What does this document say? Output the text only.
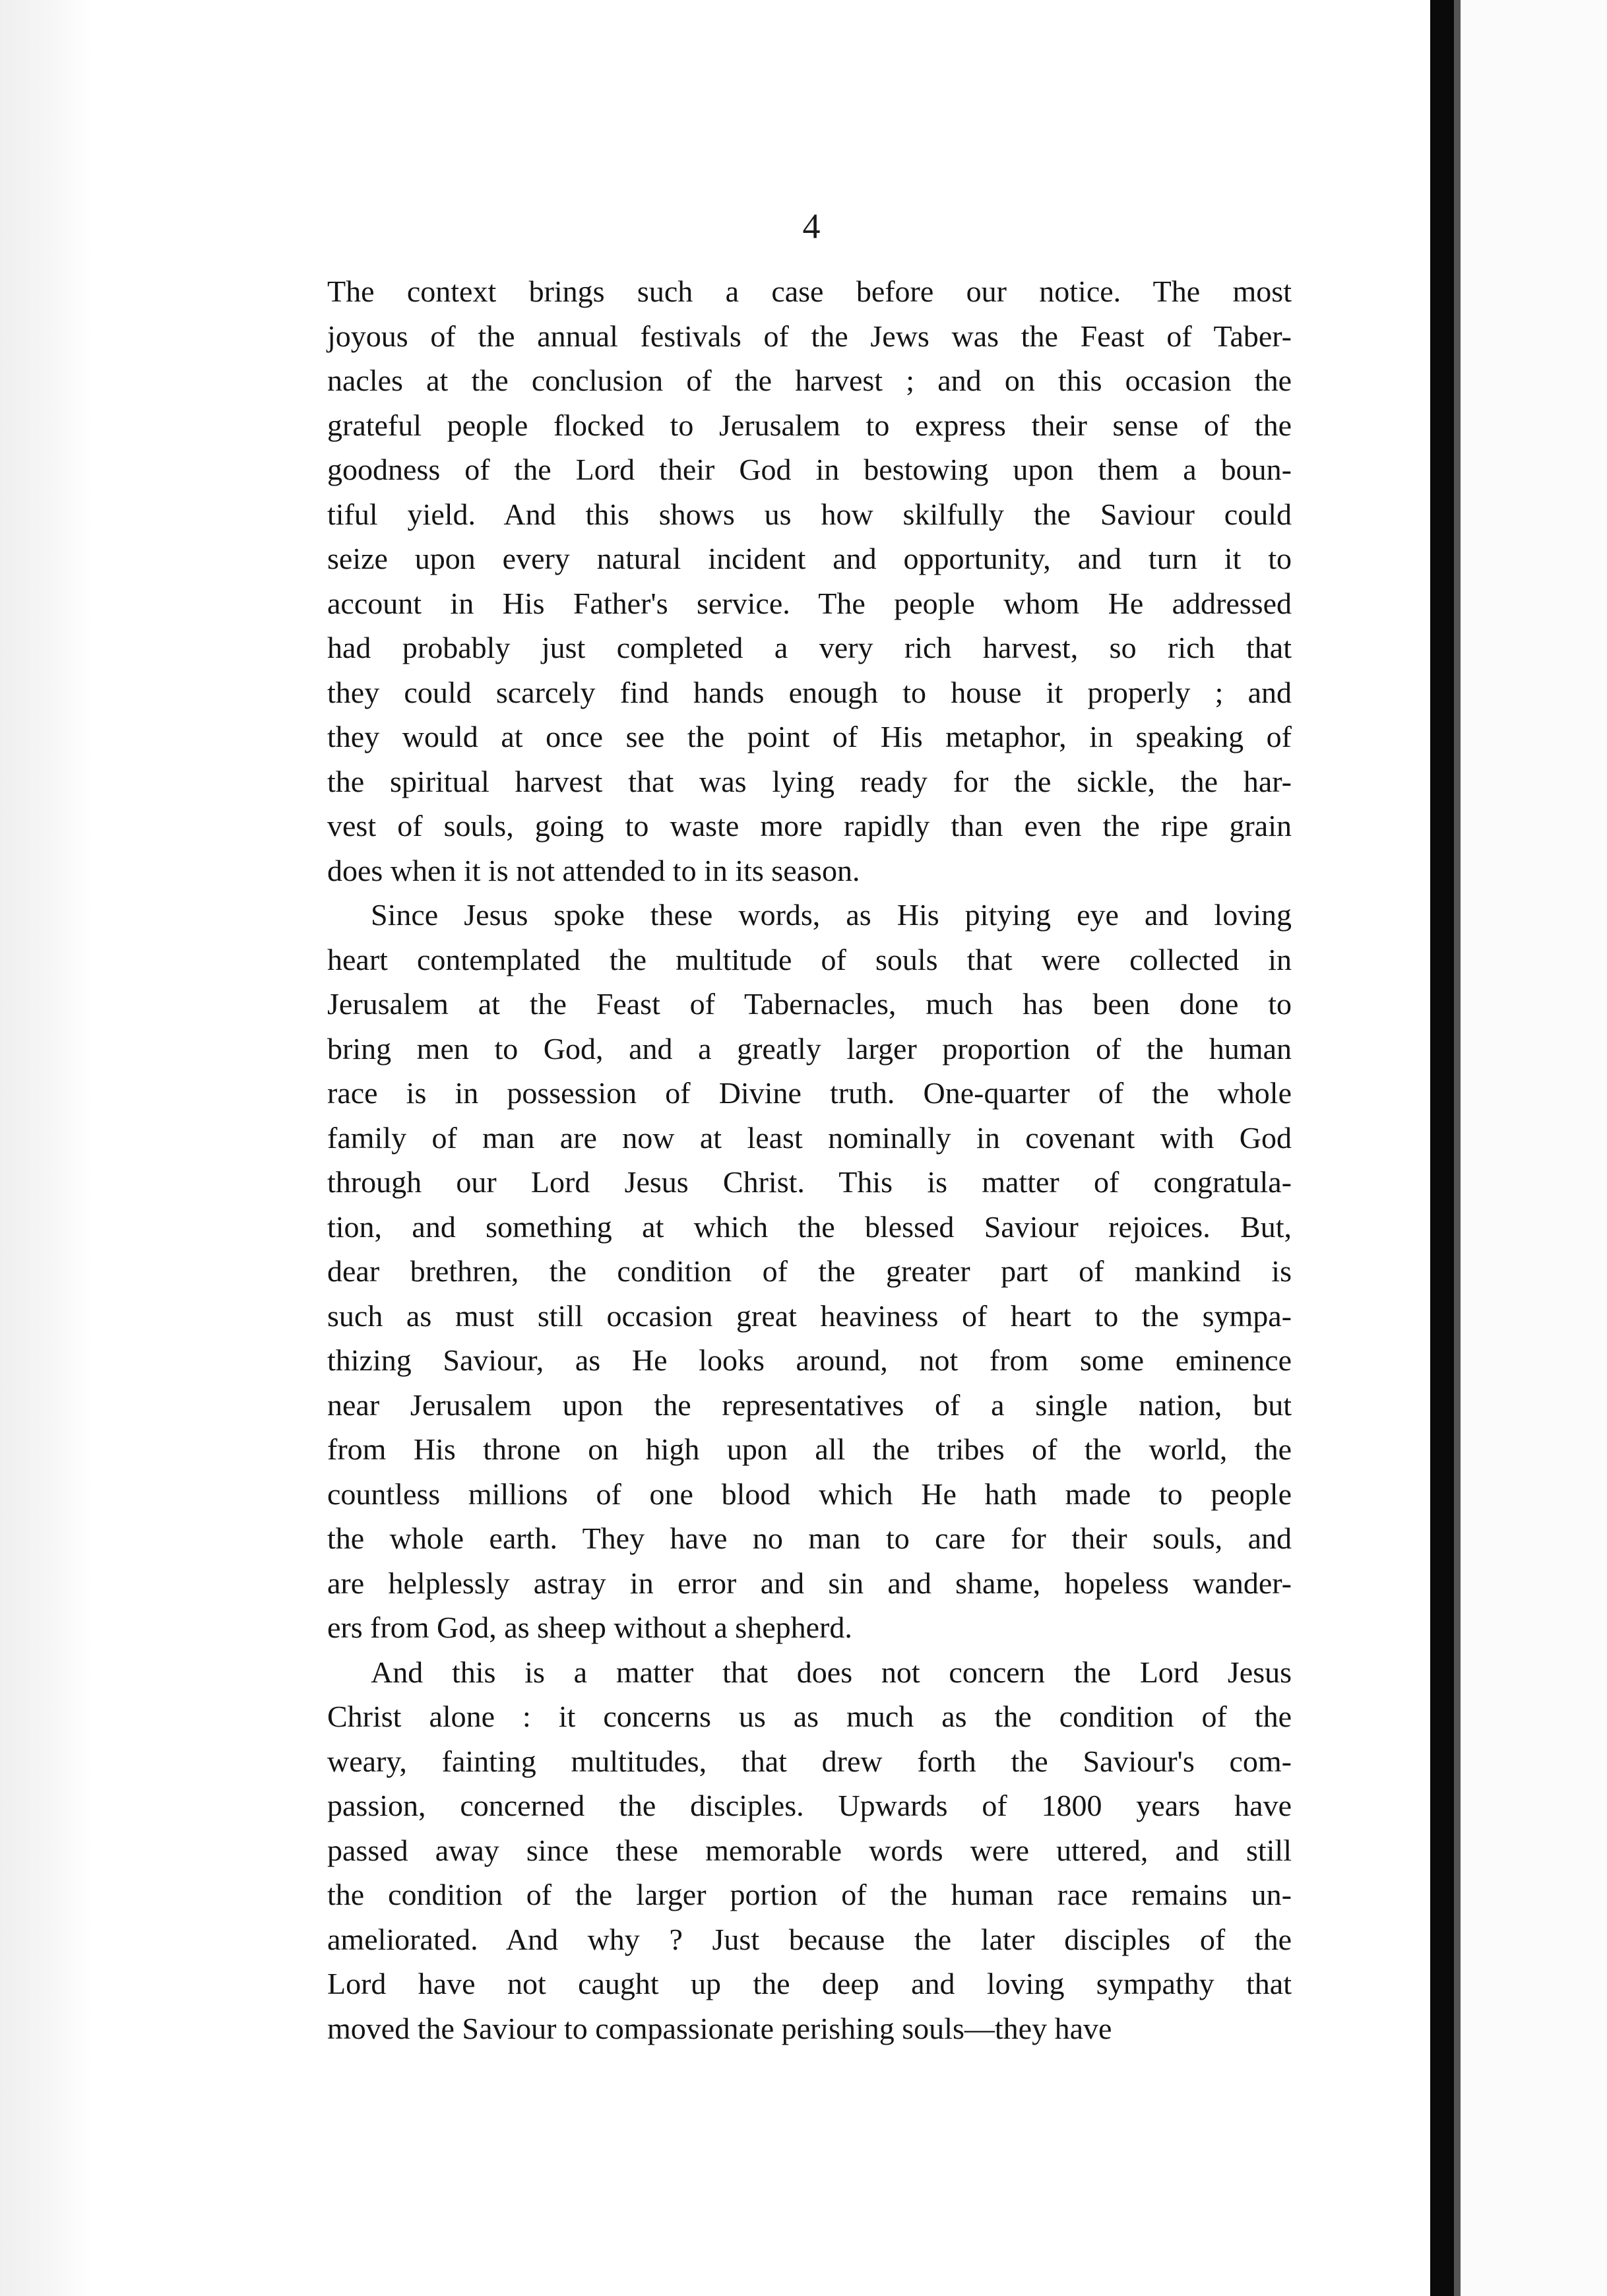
4
The context brings such a case before our notice. The most
joyous of the annual festivals of the Jews was the Feast of Taber-
nacles at the conclusion of the harvest ; and on this occasion the
grateful people flocked to Jerusalem to express their sense of the
goodness of the Lord their God in bestowing upon them a boun-
tiful yield. And this shows us how skilfully the Saviour could
seize upon every natural incident and opportunity, and turn it to
account in His Father's service. The people whom He addressed
had probably just completed a very rich harvest, so rich that
they could scarcely find hands enough to house it properly ; and
they would at once see the point of His metaphor, in speaking of
the spiritual harvest that was lying ready for the sickle, the har-
vest of souls, going to waste more rapidly than even the ripe grain
does when it is not attended to in its season.
Since Jesus spoke these words, as His pitying eye and loving
heart contemplated the multitude of souls that were collected in
Jerusalem at the Feast of Tabernacles, much has been done to
bring men to God, and a greatly larger proportion of the human
race is in possession of Divine truth. One-quarter of the whole
family of man are now at least nominally in covenant with God
through our Lord Jesus Christ. This is matter of congratula-
tion, and something at which the blessed Saviour rejoices. But,
dear brethren, the condition of the greater part of mankind is
such as must still occasion great heaviness of heart to the sympa-
thizing Saviour, as He looks around, not from some eminence
near Jerusalem upon the representatives of a single nation, but
from His throne on high upon all the tribes of the world, the
countless millions of one blood which He hath made to people
the whole earth. They have no man to care for their souls, and
are helplessly astray in error and sin and shame, hopeless wander-
ers from God, as sheep without a shepherd.
And this is a matter that does not concern the Lord Jesus
Christ alone : it concerns us as much as the condition of the
weary, fainting multitudes, that drew forth the Saviour's com-
passion, concerned the disciples. Upwards of 1800 years have
passed away since these memorable words were uttered, and still
the condition of the larger portion of the human race remains un-
ameliorated. And why ? Just because the later disciples of the
Lord have not caught up the deep and loving sympathy that
moved the Saviour to compassionate perishing souls—they have
